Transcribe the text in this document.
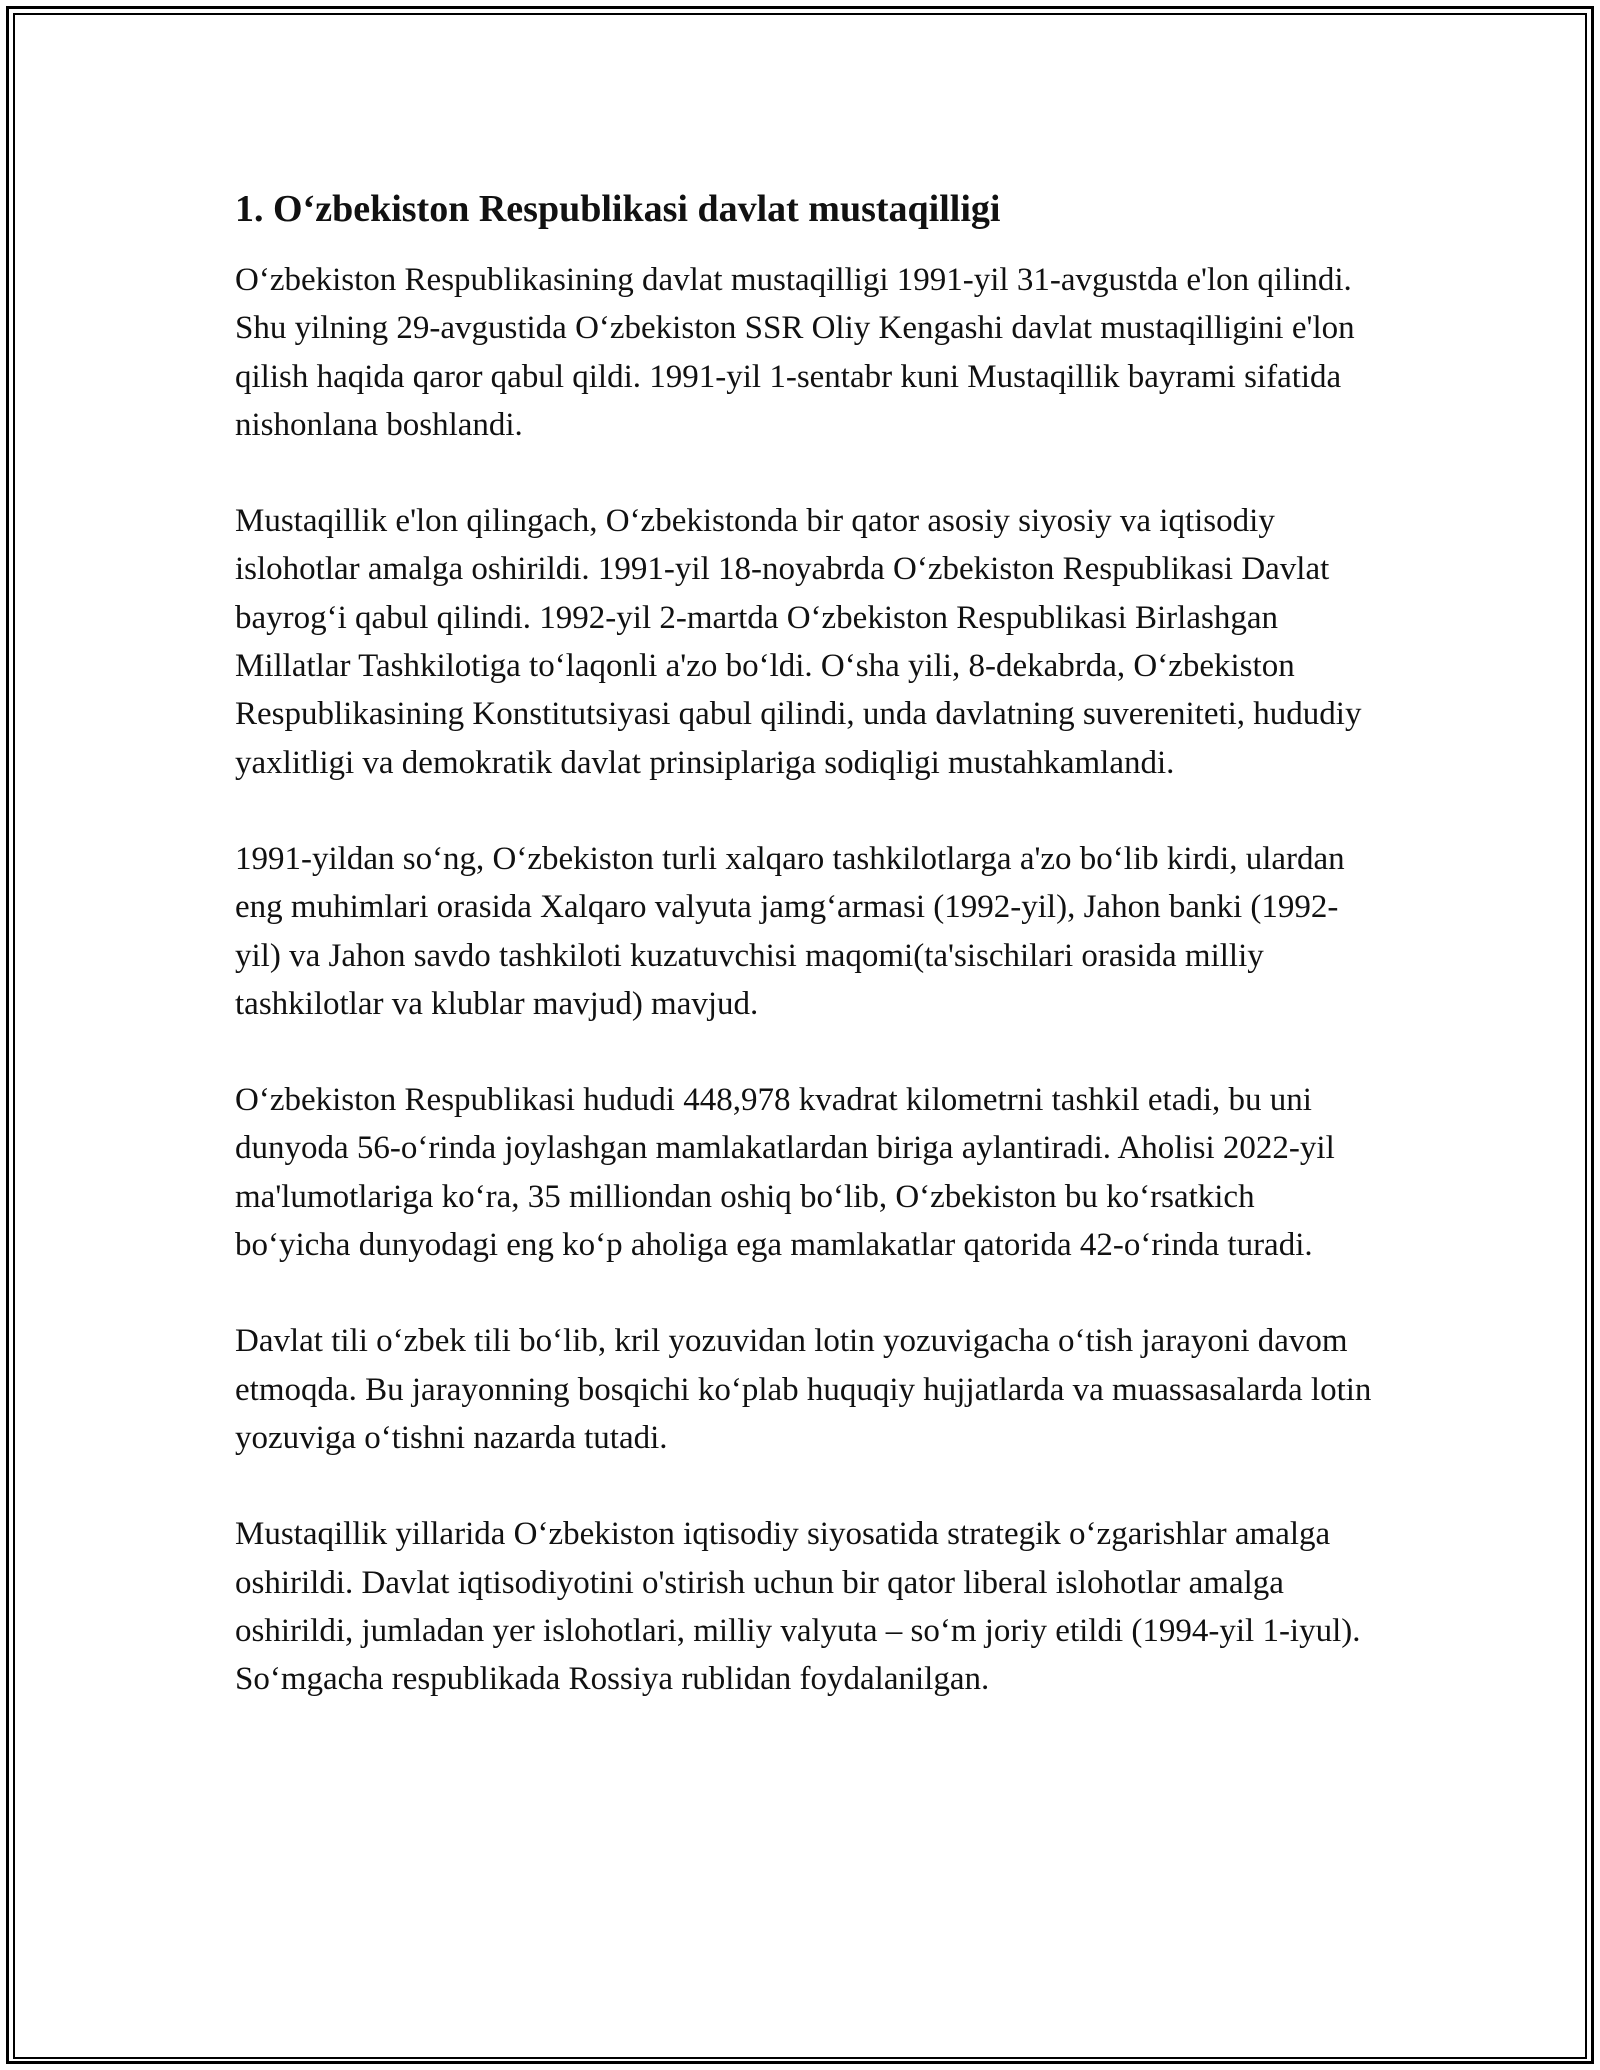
1. O‘zbekiston Respublikasi davlat mustaqilligi

O‘zbekiston Respublikasining davlat mustaqilligi 1991-yil 31-avgustda e'lon qilindi. Shu yilning 29-avgustida O‘zbekiston SSR Oliy Kengashi davlat mustaqilligini e'lon qilish haqida qaror qabul qildi. 1991-yil 1-sentabr kuni Mustaqillik bayrami sifatida nishonlana boshlandi.

Mustaqillik e'lon qilingach, O‘zbekistonda bir qator asosiy siyosiy va iqtisodiy islohotlar amalga oshirildi. 1991-yil 18-noyabrda O‘zbekiston Respublikasi Davlat bayrog‘i qabul qilindi. 1992-yil 2-martda O‘zbekiston Respublikasi Birlashgan Millatlar Tashkilotiga to‘laqonli a'zo bo‘ldi. O‘sha yili, 8-dekabrda, O‘zbekiston Respublikasining Konstitutsiyasi qabul qilindi, unda davlatning suvereniteti, hududiy yaxlitligi va demokratik davlat prinsiplariga sodiqligi mustahkamlandi.

1991-yildan so‘ng, O‘zbekiston turli xalqaro tashkilotlarga a'zo bo‘lib kirdi, ulardan eng muhimlari orasida Xalqaro valyuta jamg‘armasi (1992-yil), Jahon banki (1992-yil) va Jahon savdo tashkiloti kuzatuvchisi maqomi(ta'sischilari orasida milliy tashkilotlar va klublar mavjud) mavjud.

O‘zbekiston Respublikasi hududi 448,978 kvadrat kilometrni tashkil etadi, bu uni dunyoda 56-o‘rinda joylashgan mamlakatlardan biriga aylantiradi. Aholisi 2022-yil ma'lumotlariga ko‘ra, 35 milliondan oshiq bo‘lib, O‘zbekiston bu ko‘rsatkich bo‘yicha dunyodagi eng ko‘p aholiga ega mamlakatlar qatorida 42-o‘rinda turadi.

Davlat tili o‘zbek tili bo‘lib, kril yozuvidan lotin yozuvigacha o‘tish jarayoni davom etmoqda. Bu jarayonning bosqichi ko‘plab huquqiy hujjatlarda va muassasalarda lotin yozuviga o‘tishni nazarda tutadi.

Mustaqillik yillarida O‘zbekiston iqtisodiy siyosatida strategik o‘zgarishlar amalga oshirildi. Davlat iqtisodiyotini o'stirish uchun bir qator liberal islohotlar amalga oshirildi, jumladan yer islohotlari, milliy valyuta – so‘m joriy etildi (1994-yil 1-iyul). So‘mgacha respublikada Rossiya rublidan foydalanilgan.
